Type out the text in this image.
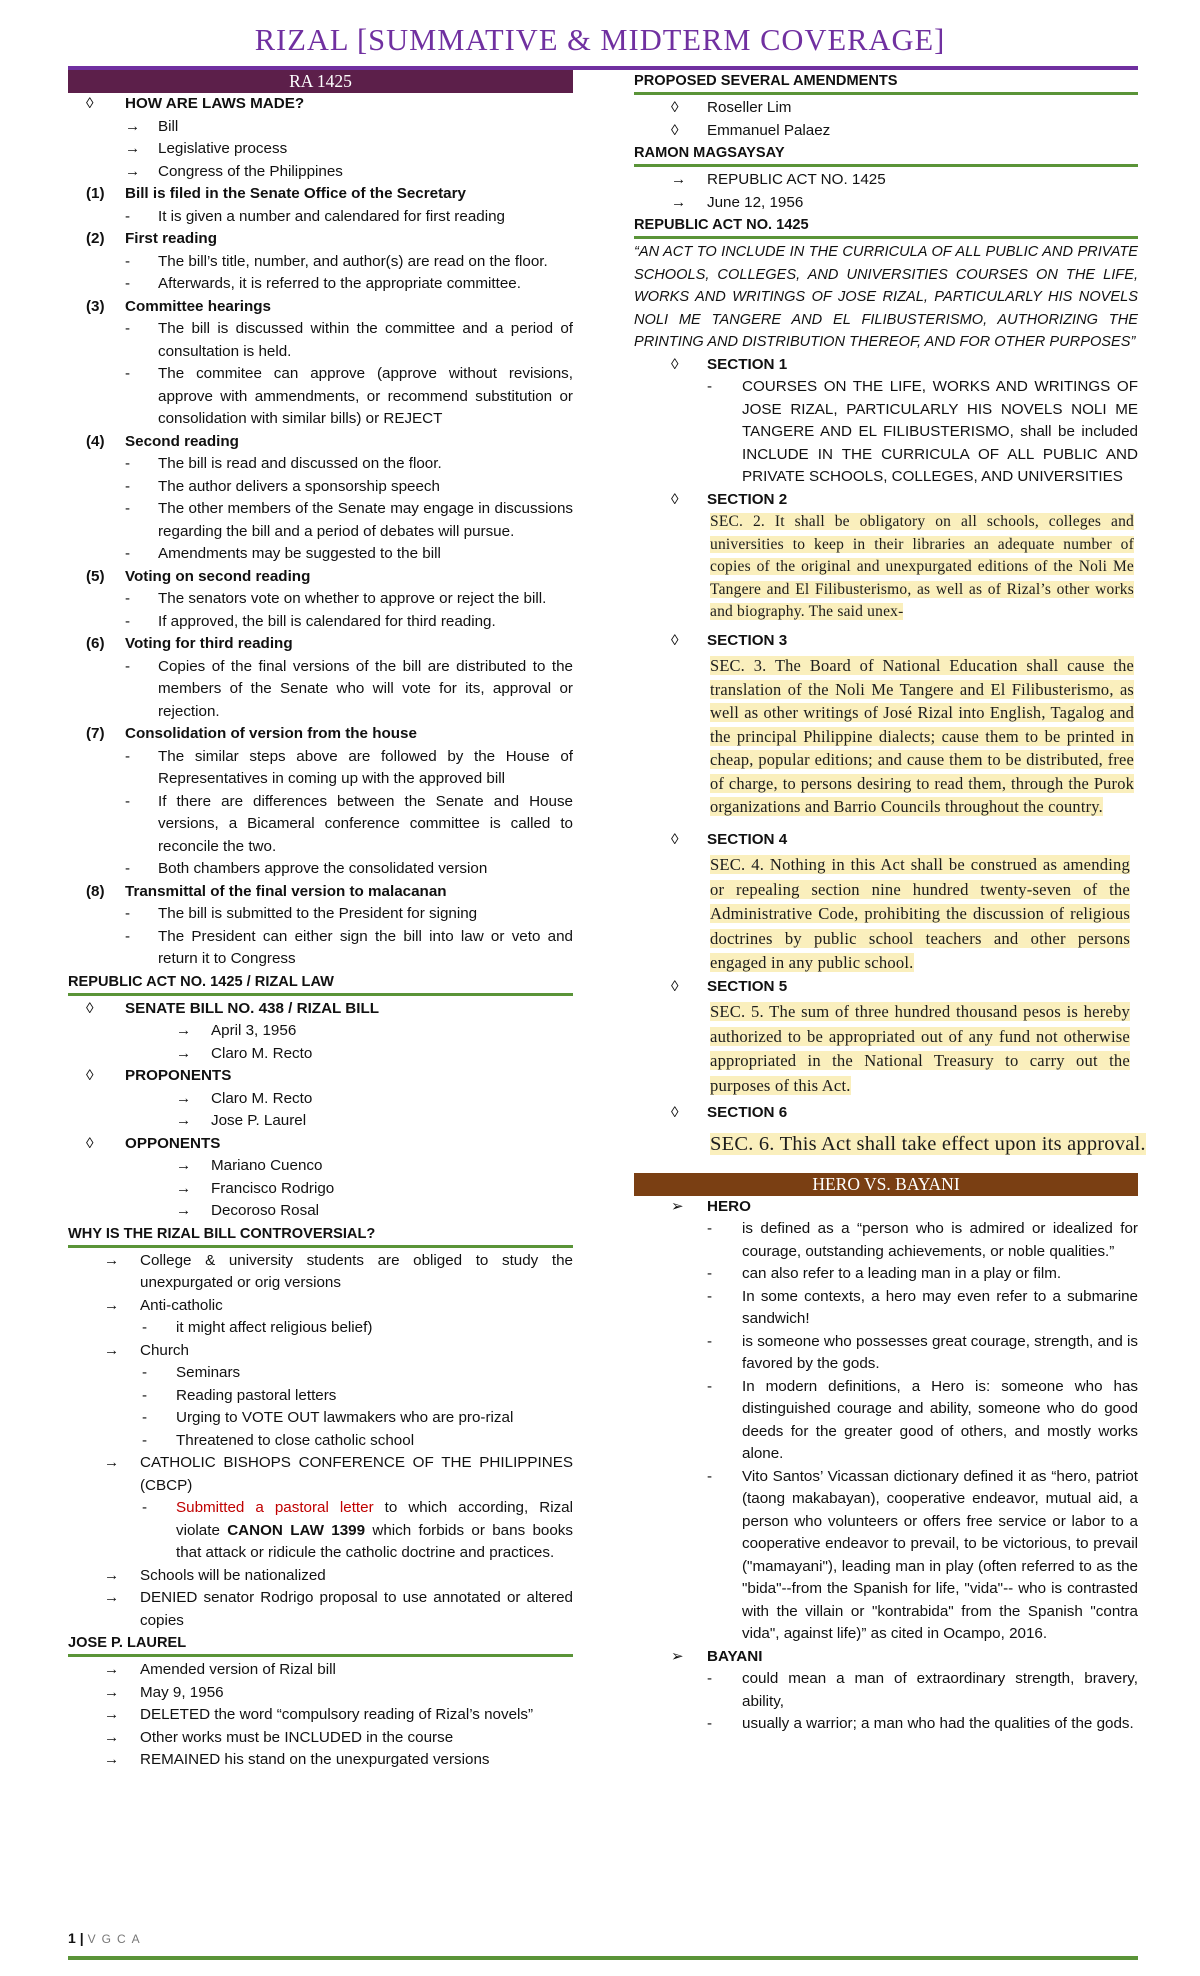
RIZAL [SUMMATIVE & MIDTERM COVERAGE]
RA 1425
◊ HOW ARE LAWS MADE?
→ Bill
→ Legislative process
→ Congress of the Philippines
(1) Bill is filed in the Senate Office of the Secretary
- It is given a number and calendared for first reading
(2) First reading
- The bill’s title, number, and author(s) are read on the floor.
- Afterwards, it is referred to the appropriate committee.
(3) Committee hearings
- The bill is discussed within the committee and a period of consultation is held.
- The commitee can approve (approve without revisions, approve with ammendments, or recommend substitution or consolidation with similar bills) or REJECT
(4) Second reading
- The bill is read and discussed on the floor.
- The author delivers a sponsorship speech
- The other members of the Senate may engage in discussions regarding the bill and a period of debates will pursue.
- Amendments may be suggested to the bill
(5) Voting on second reading
- The senators vote on whether to approve or reject the bill.
- If approved, the bill is calendared for third reading.
(6) Voting for third reading
- Copies of the final versions of the bill are distributed to the members of the Senate who will vote for its, approval or rejection.
(7) Consolidation of version from the house
- The similar steps above are followed by the House of Representatives in coming up with the approved bill
- If there are differences between the Senate and House versions, a Bicameral conference committee is called to reconcile the two.
- Both chambers approve the consolidated version
(8) Transmittal of the final version to malacanan
- The bill is submitted to the President for signing
- The President can either sign the bill into law or veto and return it to Congress
REPUBLIC ACT NO. 1425 / RIZAL LAW
◊ SENATE BILL NO. 438 / RIZAL BILL
→ April 3, 1956
→ Claro M. Recto
◊ PROPONENTS
→ Claro M. Recto
→ Jose P. Laurel
◊ OPPONENTS
→ Mariano Cuenco
→ Francisco Rodrigo
→ Decoroso Rosal
WHY IS THE RIZAL BILL CONTROVERSIAL?
→ College & university students are obliged to study the unexpurgated or orig versions
→ Anti-catholic
- it might affect religious belief)
→ Church
- Seminars
- Reading pastoral letters
- Urging to VOTE OUT lawmakers who are pro-rizal
- Threatened to close catholic school
→ CATHOLIC BISHOPS CONFERENCE OF THE PHILIPPINES (CBCP)
- Submitted a pastoral letter to which according, Rizal violate CANON LAW 1399 which forbids or bans books that attack or ridicule the catholic doctrine and practices.
→ Schools will be nationalized
→ DENIED senator Rodrigo proposal to use annotated or altered copies
JOSE P. LAUREL
→ Amended version of Rizal bill
→ May 9, 1956
→ DELETED the word “compulsory reading of Rizal’s novels”
→ Other works must be INCLUDED in the course
→ REMAINED his stand on the unexpurgated versions
PROPOSED SEVERAL AMENDMENTS
◊ Roseller Lim
◊ Emmanuel Palaez
RAMON MAGSAYSAY
→ REPUBLIC ACT NO. 1425
→ June 12, 1956
REPUBLIC ACT NO. 1425
“AN ACT TO INCLUDE IN THE CURRICULA OF ALL PUBLIC AND PRIVATE SCHOOLS, COLLEGES, AND UNIVERSITIES COURSES ON THE LIFE, WORKS AND WRITINGS OF JOSE RIZAL, PARTICULARLY HIS NOVELS NOLI ME TANGERE AND EL FILIBUSTERISMO, AUTHORIZING THE PRINTING AND DISTRIBUTION THEREOF, AND FOR OTHER PURPOSES”
◊ SECTION 1
- COURSES ON THE LIFE, WORKS AND WRITINGS OF JOSE RIZAL, PARTICULARLY HIS NOVELS NOLI ME TANGERE AND EL FILIBUSTERISMO, shall be included INCLUDE IN THE CURRICULA OF ALL PUBLIC AND PRIVATE SCHOOLS, COLLEGES, AND UNIVERSITIES
◊ SECTION 2
SEC. 2. It shall be obligatory on all schools, colleges and universities to keep in their libraries an adequate number of copies of the original and unexpurgated editions of the Noli Me Tangere and El Filibusterismo, as well as of Rizal’s other works and biography. The said unex-
◊ SECTION 3
SEC. 3. The Board of National Education shall cause the translation of the Noli Me Tangere and El Filibusterismo, as well as other writings of José Rizal into English, Tagalog and the principal Philippine dialects; cause them to be printed in cheap, popular editions; and cause them to be distributed, free of charge, to persons desiring to read them, through the Purok organizations and Barrio Councils throughout the country.
◊ SECTION 4
SEC. 4. Nothing in this Act shall be construed as amending or repealing section nine hundred twenty-seven of the Administrative Code, prohibiting the discussion of religious doctrines by public school teachers and other persons engaged in any public school.
◊ SECTION 5
SEC. 5. The sum of three hundred thousand pesos is hereby authorized to be appropriated out of any fund not otherwise appropriated in the National Treasury to carry out the purposes of this Act.
◊ SECTION 6
SEC. 6. This Act shall take effect upon its approval.
HERO VS. BAYANI
➢ HERO
- is defined as a “person who is admired or idealized for courage, outstanding achievements, or noble qualities.”
- can also refer to a leading man in a play or film.
- In some contexts, a hero may even refer to a submarine sandwich!
- is someone who possesses great courage, strength, and is favored by the gods.
- In modern definitions, a Hero is: someone who has distinguished courage and ability, someone who do good deeds for the greater good of others, and mostly works alone.
- Vito Santos’ Vicassan dictionary defined it as “hero, patriot (taong makabayan), cooperative endeavor, mutual aid, a person who volunteers or offers free service or labor to a cooperative endeavor to prevail, to be victorious, to prevail ("mamayani"), leading man in play (often referred to as the "bida"--from the Spanish for life, "vida"-- who is contrasted with the villain or "kontrabida" from the Spanish "contra vida", against life)” as cited in Ocampo, 2016.
➢ BAYANI
- could mean a man of extraordinary strength, bravery, ability,
- usually a warrior; a man who had the qualities of the gods.
1 | VGCA
